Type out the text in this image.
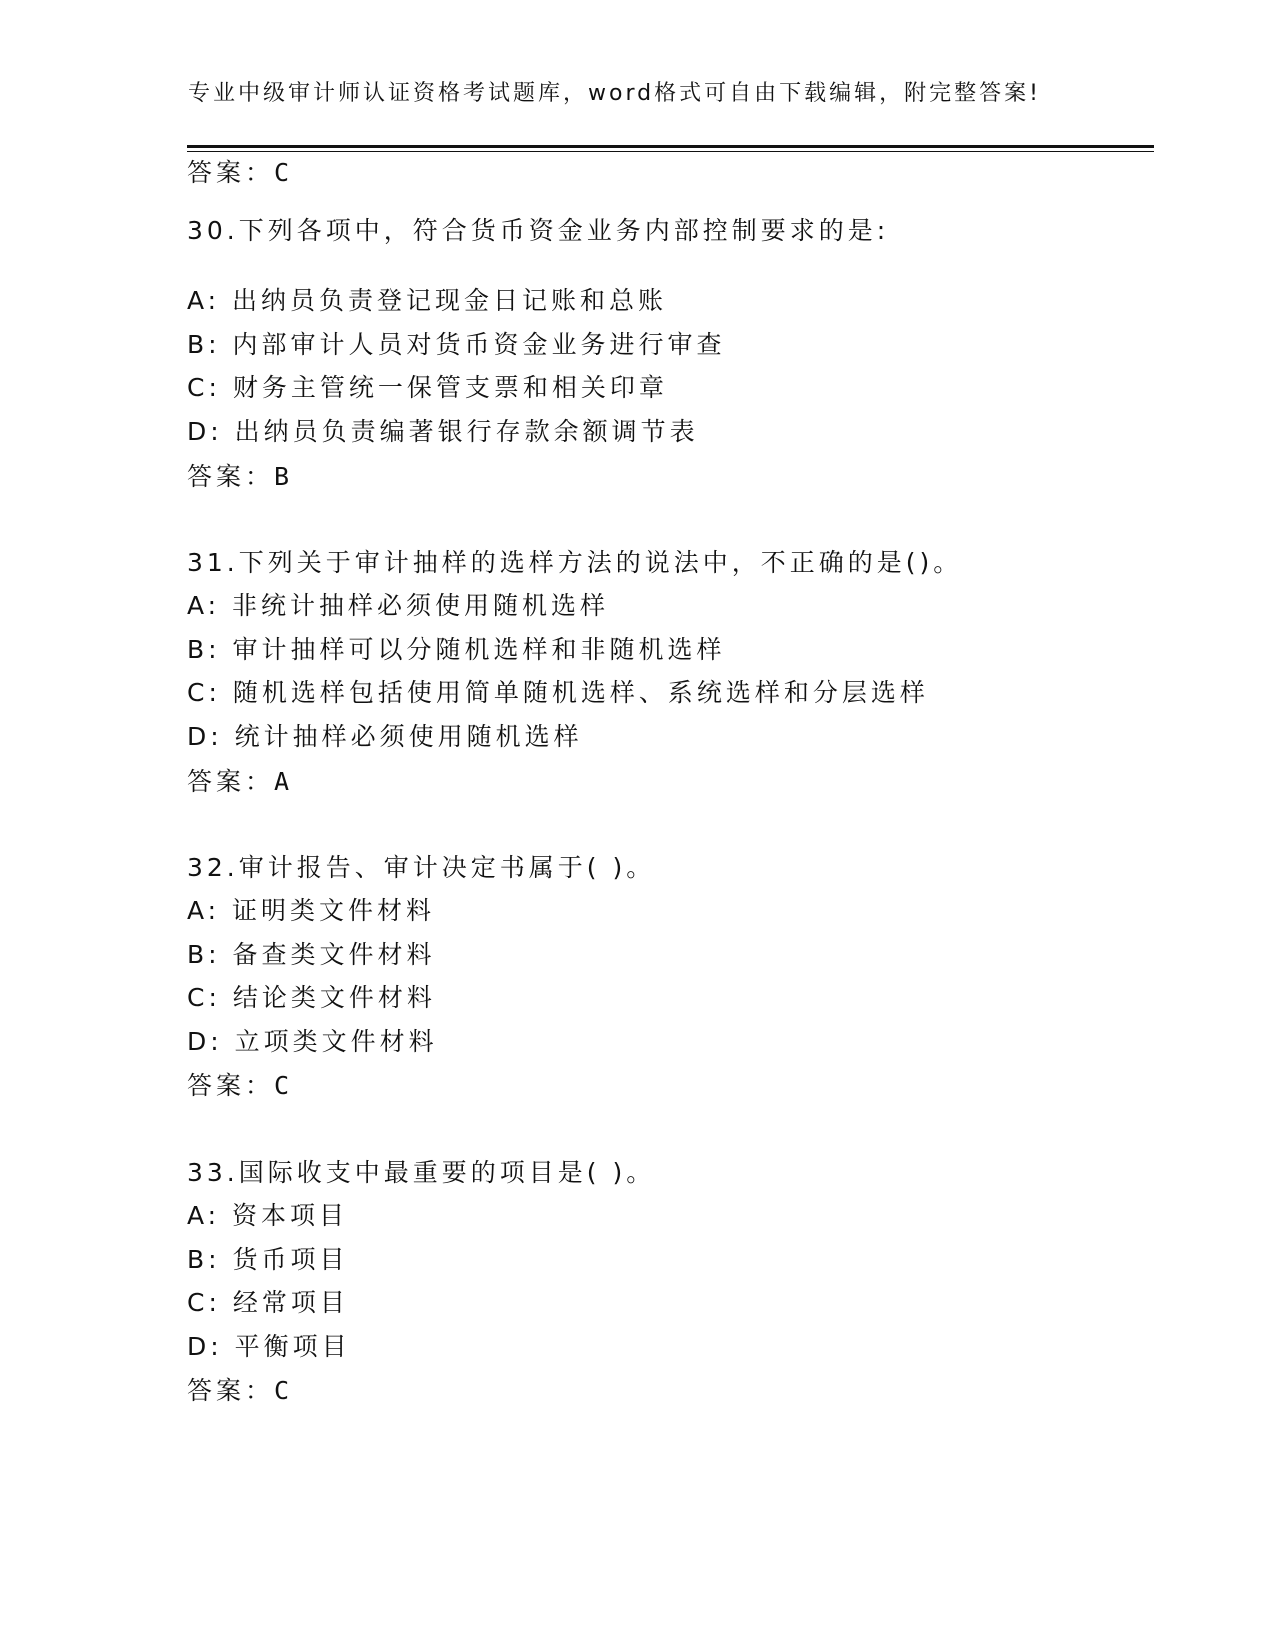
专业中级审计师认证资格考试题库，word格式可自由下载编辑，附完整答案!
答案：C
30.下列各项中，符合货币资金业务内部控制要求的是:
A: 出纳员负责登记现金日记账和总账
B: 内部审计人员对货币资金业务进行审查
C: 财务主管统一保管支票和相关印章
D: 出纳员负责编著银行存款余额调节表
答案：B
31.下列关于审计抽样的选样方法的说法中，不正确的是()。
A: 非统计抽样必须使用随机选样
B: 审计抽样可以分随机选样和非随机选样
C: 随机选样包括使用简单随机选样、系统选样和分层选样
D: 统计抽样必须使用随机选样
答案：A
32.审计报告、审计决定书属于( )。
A: 证明类文件材料
B: 备查类文件材料
C: 结论类文件材料
D: 立项类文件材料
答案：C
33.国际收支中最重要的项目是( )。
A: 资本项目
B: 货币项目
C: 经常项目
D: 平衡项目
答案：C
